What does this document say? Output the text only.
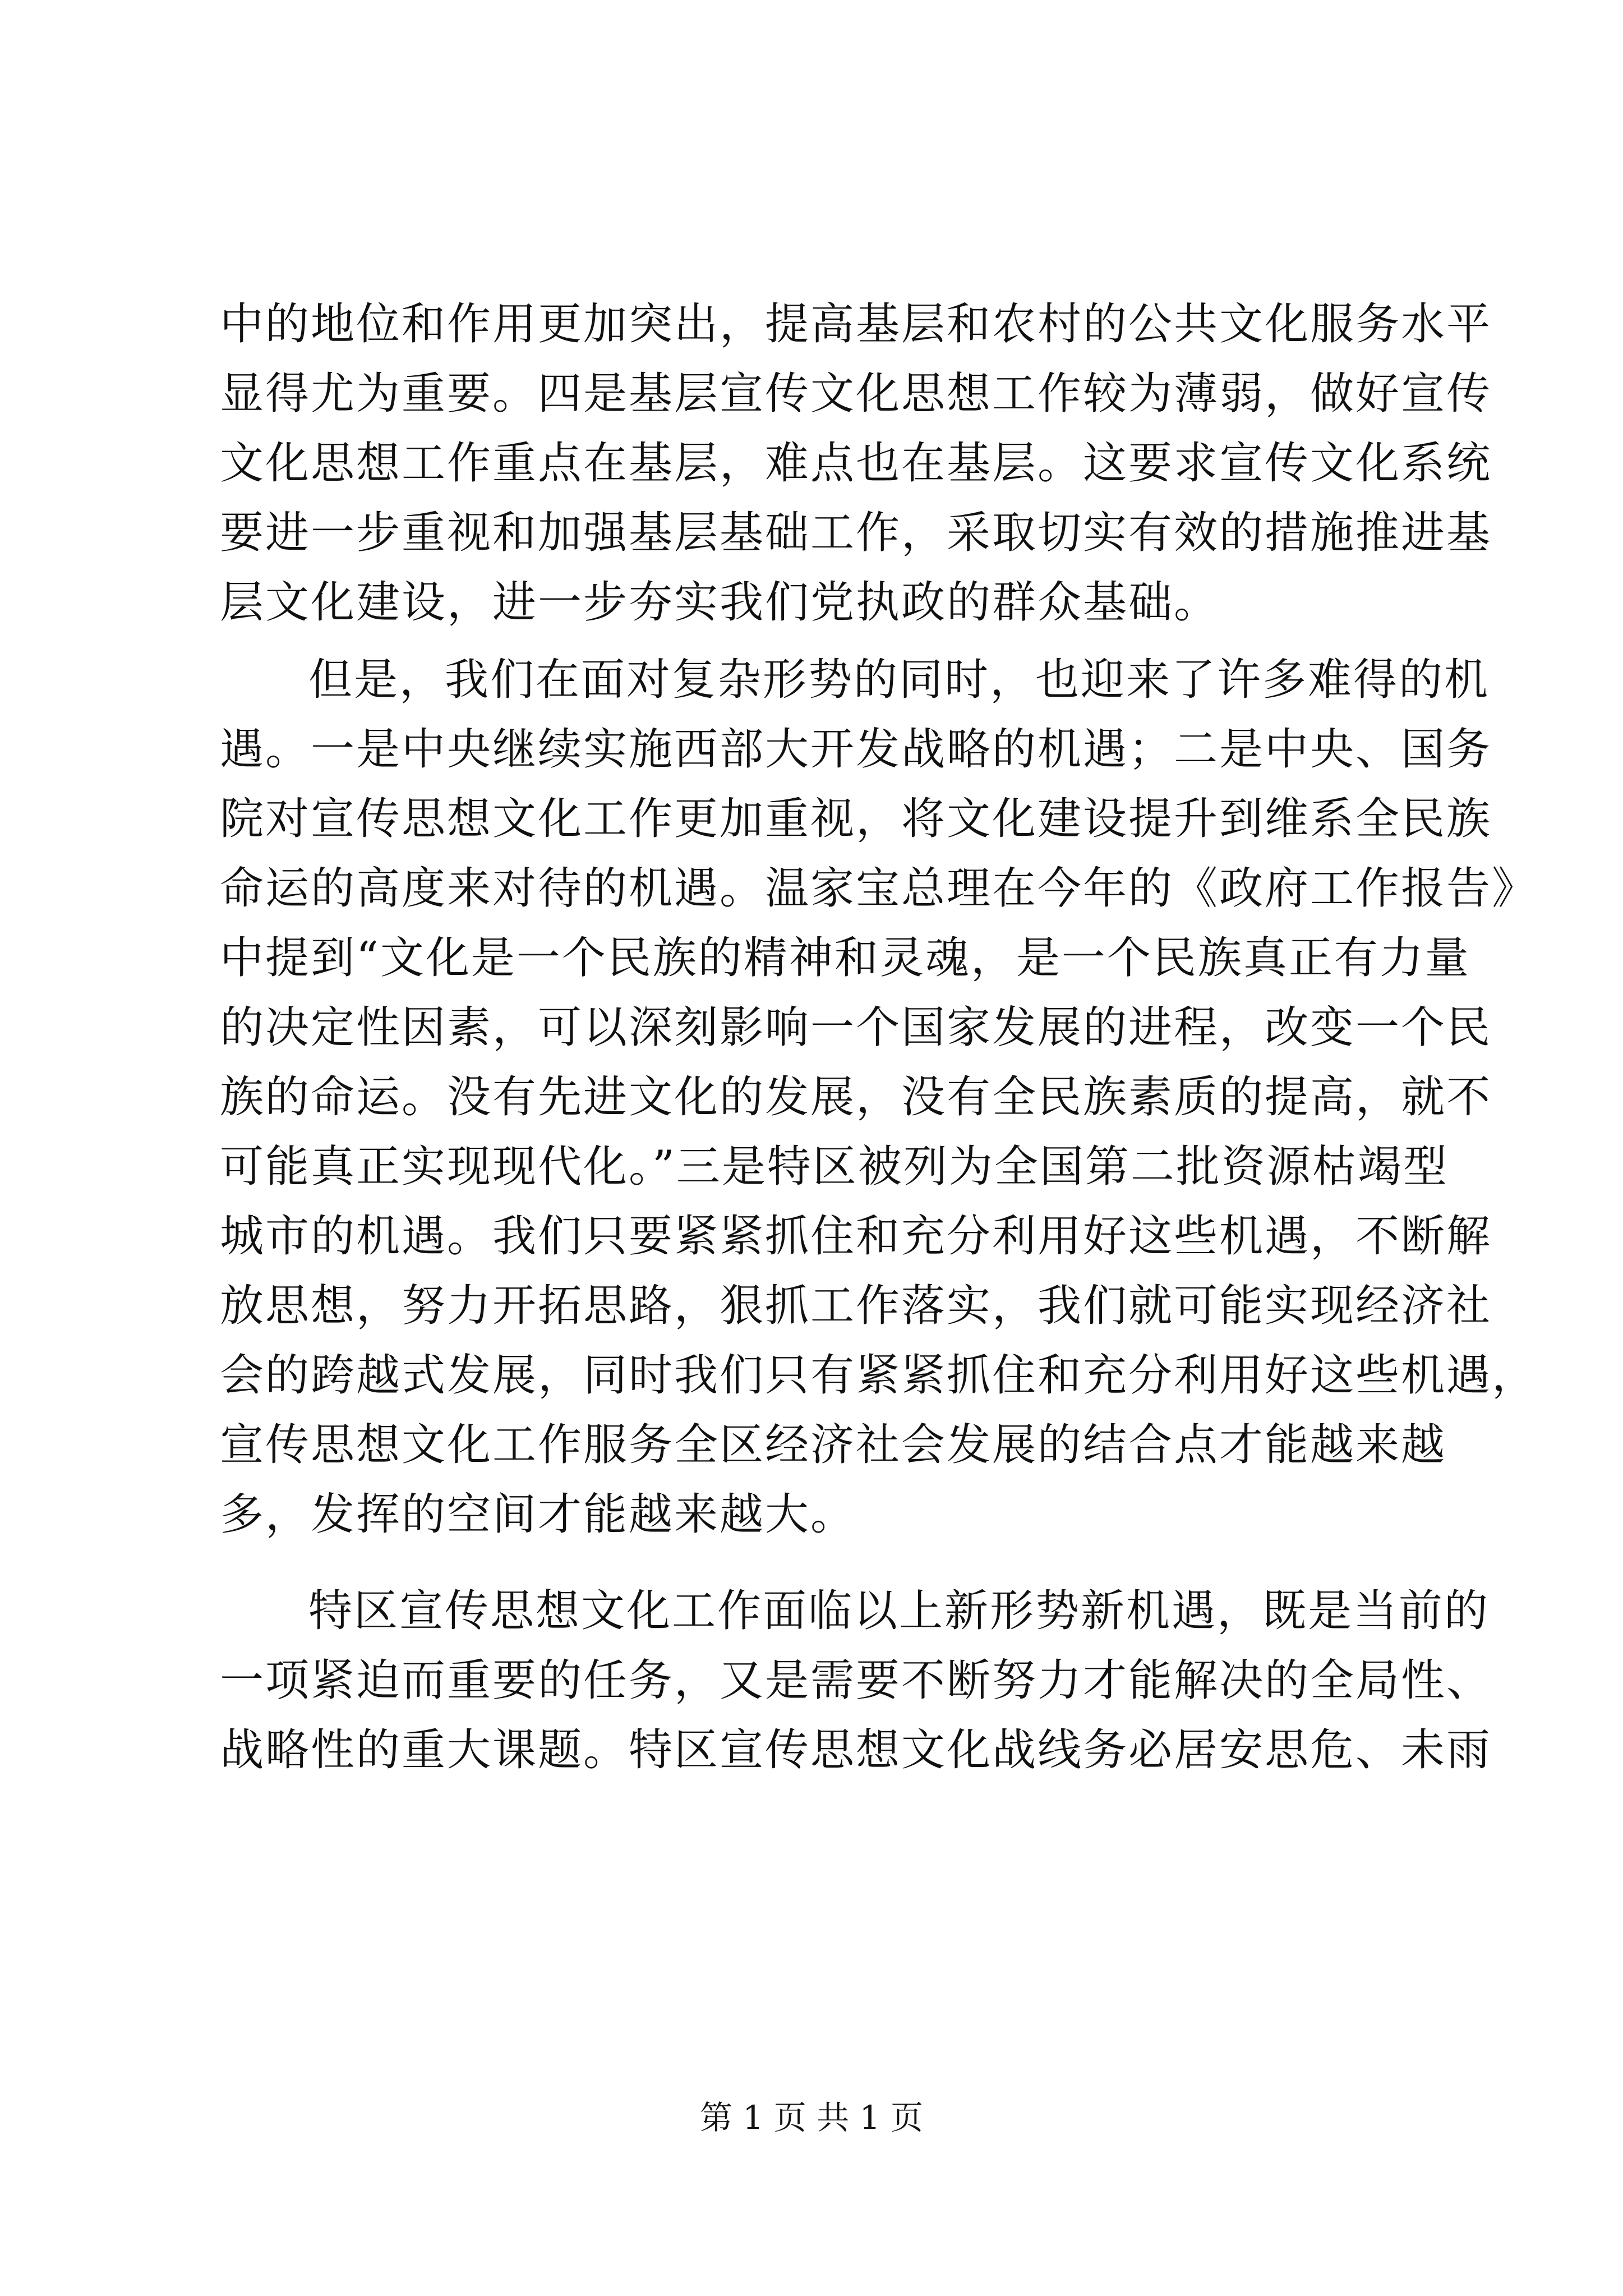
中的地位和作用更加突出，提高基层和农村的公共文化服务水平
显得尤为重要。四是基层宣传文化思想工作较为薄弱，做好宣传
文化思想工作重点在基层，难点也在基层。这要求宣传文化系统
要进一步重视和加强基层基础工作，采取切实有效的措施推进基
层文化建设，进一步夯实我们党执政的群众基础。
但是，我们在面对复杂形势的同时，也迎来了许多难得的机
遇。一是中央继续实施西部大开发战略的机遇；二是中央、国务
院对宣传思想文化工作更加重视，将文化建设提升到维系全民族
命运的高度来对待的机遇。温家宝总理在今年的《政府工作报告》
中提到“文化是一个民族的精神和灵魂，是一个民族真正有力量
的决定性因素，可以深刻影响一个国家发展的进程，改变一个民
族的命运。没有先进文化的发展，没有全民族素质的提高，就不
可能真正实现现代化。”三是特区被列为全国第二批资源枯竭型
城市的机遇。我们只要紧紧抓住和充分利用好这些机遇，不断解
放思想，努力开拓思路，狠抓工作落实，我们就可能实现经济社
会的跨越式发展，同时我们只有紧紧抓住和充分利用好这些机遇，
宣传思想文化工作服务全区经济社会发展的结合点才能越来越
多，发挥的空间才能越来越大。
特区宣传思想文化工作面临以上新形势新机遇，既是当前的
一项紧迫而重要的任务，又是需要不断努力才能解决的全局性、
战略性的重大课题。特区宣传思想文化战线务必居安思危、未雨
第 1 页 共 1 页
